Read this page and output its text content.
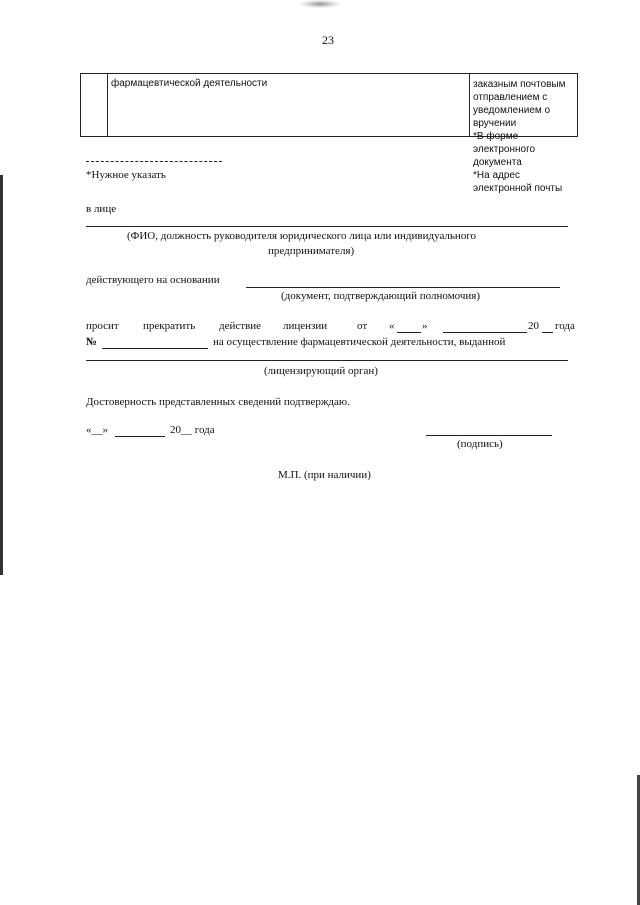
23
фармацевтической деятельности	заказным почтовым отправлением с
уведомлением о вручении
*В форме электронного документа
*На адрес электронной почты
*Нужное указать
в лице
(ФИО, должность руководителя юридического лица или индивидуального
предпринимателя)
действующего на основании
(документ, подтверждающий полномочия)
просит прекратить действие лицензии	от «	»	20 года
№	на осуществление фармацевтической деятельности, выданной
(лицензирующий орган)
Достоверность представленных сведений подтверждаю.
«__»	20__ года
(подпись)
М.П. (при наличии)
